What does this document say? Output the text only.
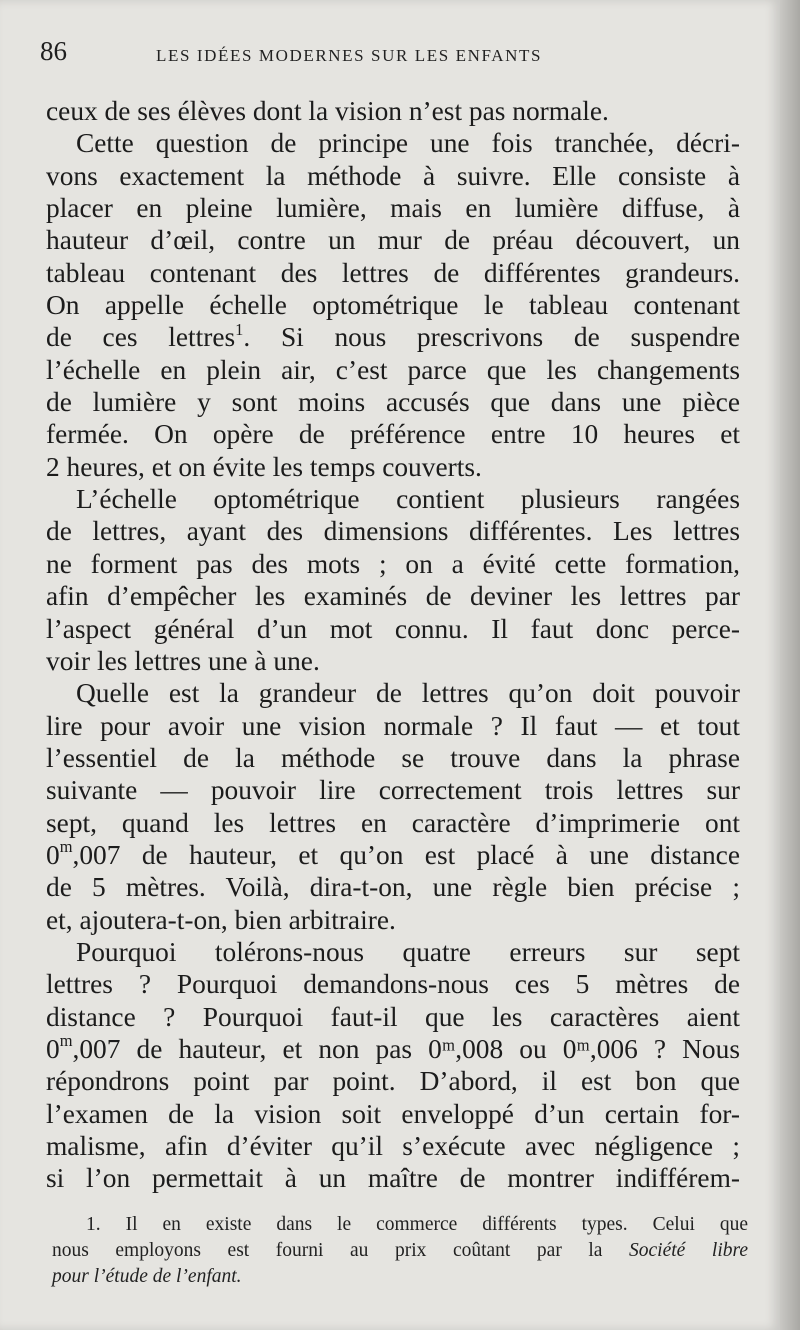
86	LES IDÉES MODERNES SUR LES ENFANTS
ceux de ses élèves dont la vision n’est pas normale.
Cette question de principe une fois tranchée, décri-
vons exactement la méthode à suivre. Elle consiste à
placer en pleine lumière, mais en lumière diffuse, à
hauteur d’œil, contre un mur de préau découvert, un
tableau contenant des lettres de différentes grandeurs.
On appelle échelle optométrique le tableau contenant
de ces lettres$^1$. Si nous prescrivons de suspendre
l’échelle en plein air, c’est parce que les changements
de lumière y sont moins accusés que dans une pièce
fermée. On opère de préférence entre 10 heures et
2 heures, et on évite les temps couverts.
L’échelle optométrique contient plusieurs rangées
de lettres, ayant des dimensions différentes. Les lettres
ne forment pas des mots ; on a évité cette formation,
afin d’empêcher les examinés de deviner les lettres par
l’aspect général d’un mot connu. Il faut donc perce-
voir les lettres une à une.
Quelle est la grandeur de lettres qu’on doit pouvoir
lire pour avoir une vision normale ? Il faut — et tout
l’essentiel de la méthode se trouve dans la phrase
suivante — pouvoir lire correctement trois lettres sur
sept, quand les lettres en caractère d’imprimerie ont
0$^m$,007 de hauteur, et qu’on est placé à une distance
de 5 mètres. Voilà, dira-t-on, une règle bien précise ;
et, ajoutera-t-on, bien arbitraire.
Pourquoi tolérons-nous quatre erreurs sur sept
lettres ? Pourquoi demandons-nous ces 5 mètres de
distance ? Pourquoi faut-il que les caractères aient
0$^m$,007 de hauteur, et non pas 0ᵐ,008 ou 0ᵐ,006 ? Nous
répondrons point par point. D’abord, il est bon que
l’examen de la vision soit enveloppé d’un certain for-
malisme, afin d’éviter qu’il s’exécute avec négligence ;
si l’on permettait à un maître de montrer indifférem-
1. Il en existe dans le commerce différents types. Celui que
nous employons est fourni au prix coûtant par la Société libre
pour l’étude de l’enfant.
